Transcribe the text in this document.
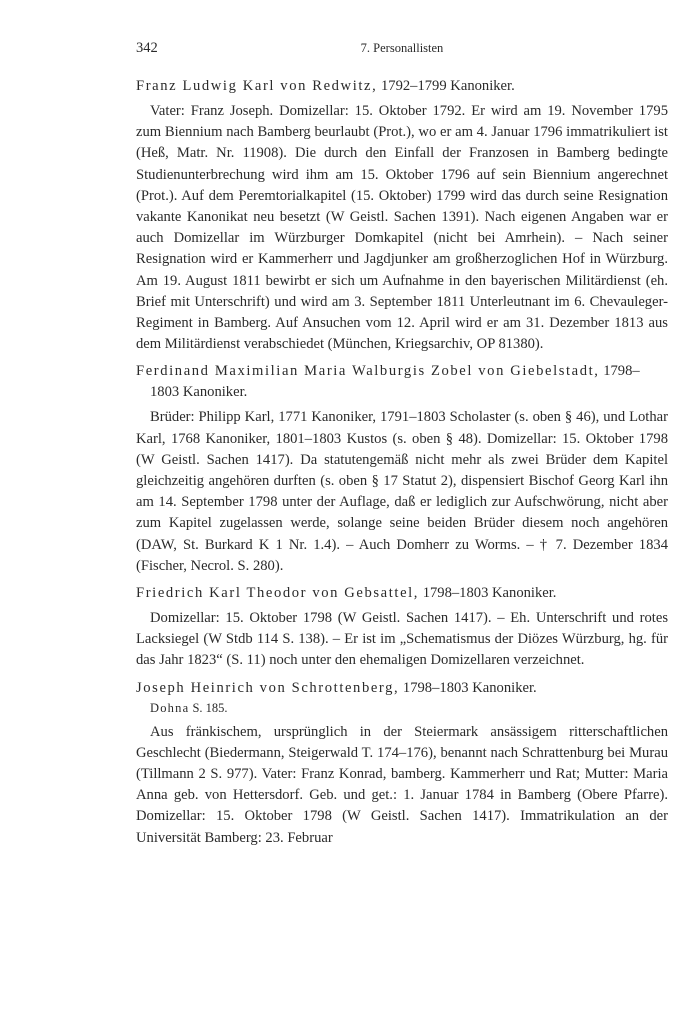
342	7. Personallisten

Franz Ludwig Karl von Redwitz, 1792–1799 Kanoniker.

Vater: Franz Joseph. Domizellar: 15. Oktober 1792. Er wird am 19. November 1795 zum Biennium nach Bamberg beurlaubt (Prot.), wo er am 4. Januar 1796 immatrikuliert ist (Heß, Matr. Nr. 11908). Die durch den Einfall der Franzosen in Bamberg bedingte Studienunterbrechung wird ihm am 15. Oktober 1796 auf sein Biennium angerechnet (Prot.). Auf dem Peremtorialkapitel (15. Oktober) 1799 wird das durch seine Resignation vakante Kanonikat neu besetzt (W Geistl. Sachen 1391). Nach eigenen Angaben war er auch Domizellar im Würzburger Domkapitel (nicht bei Amrhein). – Nach seiner Resignation wird er Kammerherr und Jagdjunker am großherzoglichen Hof in Würzburg. Am 19. August 1811 bewirbt er sich um Aufnahme in den bayerischen Militärdienst (eh. Brief mit Unterschrift) und wird am 3. September 1811 Unterleutnant im 6. Chevauleger-Regiment in Bamberg. Auf Ansuchen vom 12. April wird er am 31. Dezember 1813 aus dem Militärdienst verabschiedet (München, Kriegsarchiv, OP 81380).

Ferdinand Maximilian Maria Walburgis Zobel von Giebelstadt, 1798–1803 Kanoniker.

Brüder: Philipp Karl, 1771 Kanoniker, 1791–1803 Scholaster (s. oben § 46), und Lothar Karl, 1768 Kanoniker, 1801–1803 Kustos (s. oben § 48). Domizellar: 15. Oktober 1798 (W Geistl. Sachen 1417). Da statutengemäß nicht mehr als zwei Brüder dem Kapitel gleichzeitig angehören durften (s. oben § 17 Statut 2), dispensiert Bischof Georg Karl ihn am 14. September 1798 unter der Auflage, daß er lediglich zur Aufschwörung, nicht aber zum Kapitel zugelassen werde, solange seine beiden Brüder diesem noch angehören (DAW, St. Burkard K 1 Nr. 1.4). – Auch Domherr zu Worms. – † 7. Dezember 1834 (Fischer, Necrol. S. 280).

Friedrich Karl Theodor von Gebsattel, 1798–1803 Kanoniker.

Domizellar: 15. Oktober 1798 (W Geistl. Sachen 1417). – Eh. Unterschrift und rotes Lacksiegel (W Stdb 114 S. 138). – Er ist im „Schematismus der Diözes Würzburg, hg. für das Jahr 1823“ (S. 11) noch unter den ehemaligen Domizellaren verzeichnet.

Joseph Heinrich von Schrottenberg, 1798–1803 Kanoniker.

Dohna S. 185.

Aus fränkischem, ursprünglich in der Steiermark ansässigem ritterschaftlichen Geschlecht (Biedermann, Steigerwald T. 174–176), benannt nach Schrattenburg bei Murau (Tillmann 2 S. 977). Vater: Franz Konrad, bamberg. Kammerherr und Rat; Mutter: Maria Anna geb. von Hettersdorf. Geb. und get.: 1. Januar 1784 in Bamberg (Obere Pfarre). Domizellar: 15. Oktober 1798 (W Geistl. Sachen 1417). Immatrikulation an der Universität Bamberg: 23. Februar
